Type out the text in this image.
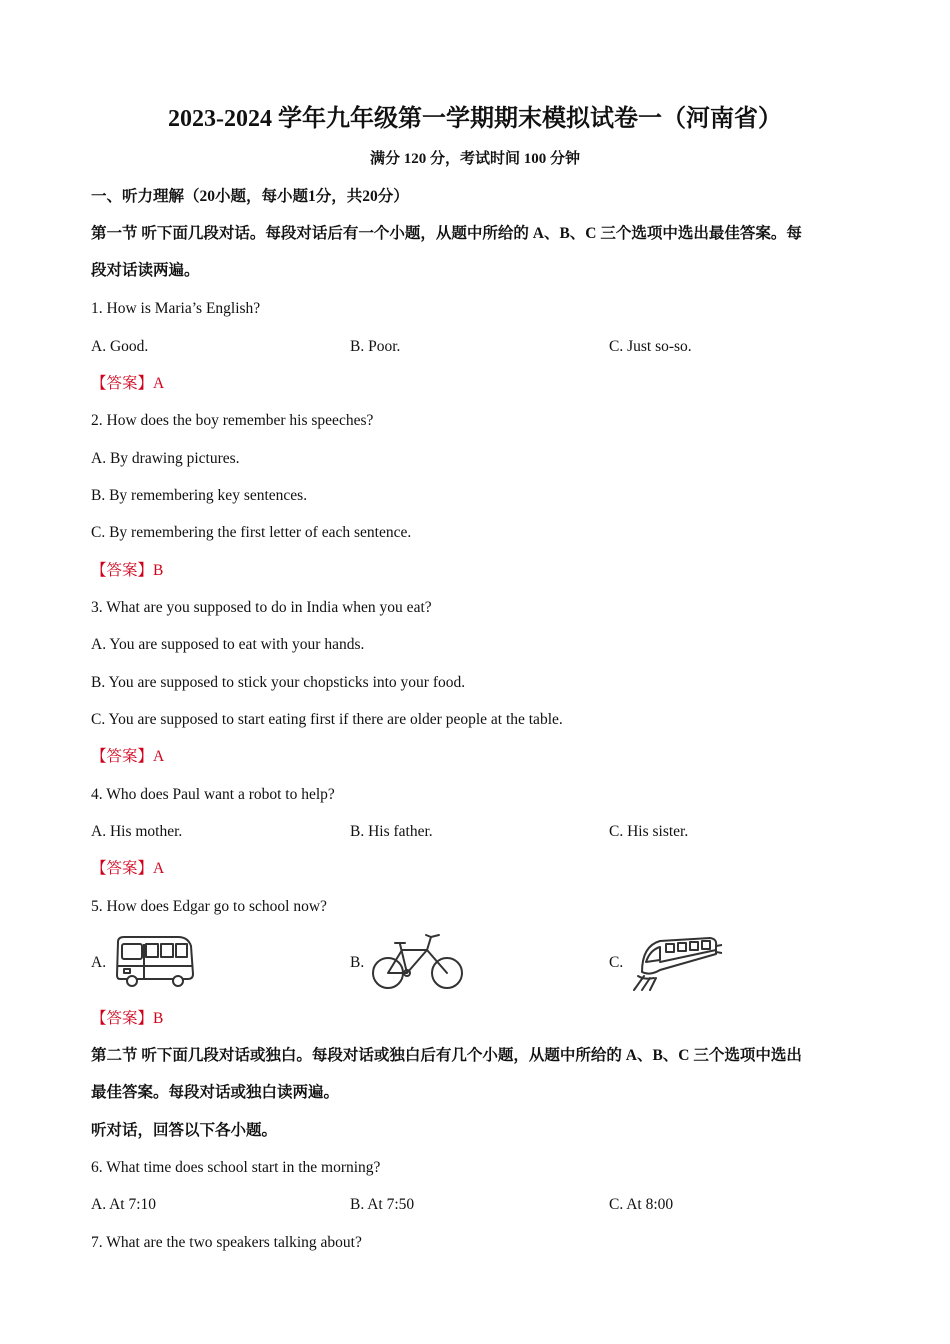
2023-2024 学年九年级第一学期期末模拟试卷一（河南省）
满分 120 分，考试时间 100 分钟
一、听力理解（20小题，每小题1分，共20分）
第一节 听下面几段对话。每段对话后有一个小题，从题中所给的 A、B、C 三个选项中选出最佳答案。每
段对话读两遍。
1. How is Maria’s English?
A. Good.	B. Poor.	C. Just so-so.
【答案】A
2. How does the boy remember his speeches?
A. By drawing pictures.
B. By remembering key sentences.
C. By remembering the first letter of each sentence.
【答案】B
3. What are you supposed to do in India when you eat?
A. You are supposed to eat with your hands.
B. You are supposed to stick your chopsticks into your food.
C. You are supposed to start eating first if there are older people at the table.
【答案】A
4. Who does Paul want a robot to help?
A. His mother.	B. His father.	C. His sister.
【答案】A
5. How does Edgar go to school now?
A.	B.	C.
【答案】B
第二节 听下面几段对话或独白。每段对话或独白后有几个小题，从题中所给的 A、B、C 三个选项中选出
最佳答案。每段对话或独白读两遍。
听对话，回答以下各小题。
6. What time does school start in the morning?
A. At 7:10	B. At 7:50	C. At 8:00
7. What are the two speakers talking about?
